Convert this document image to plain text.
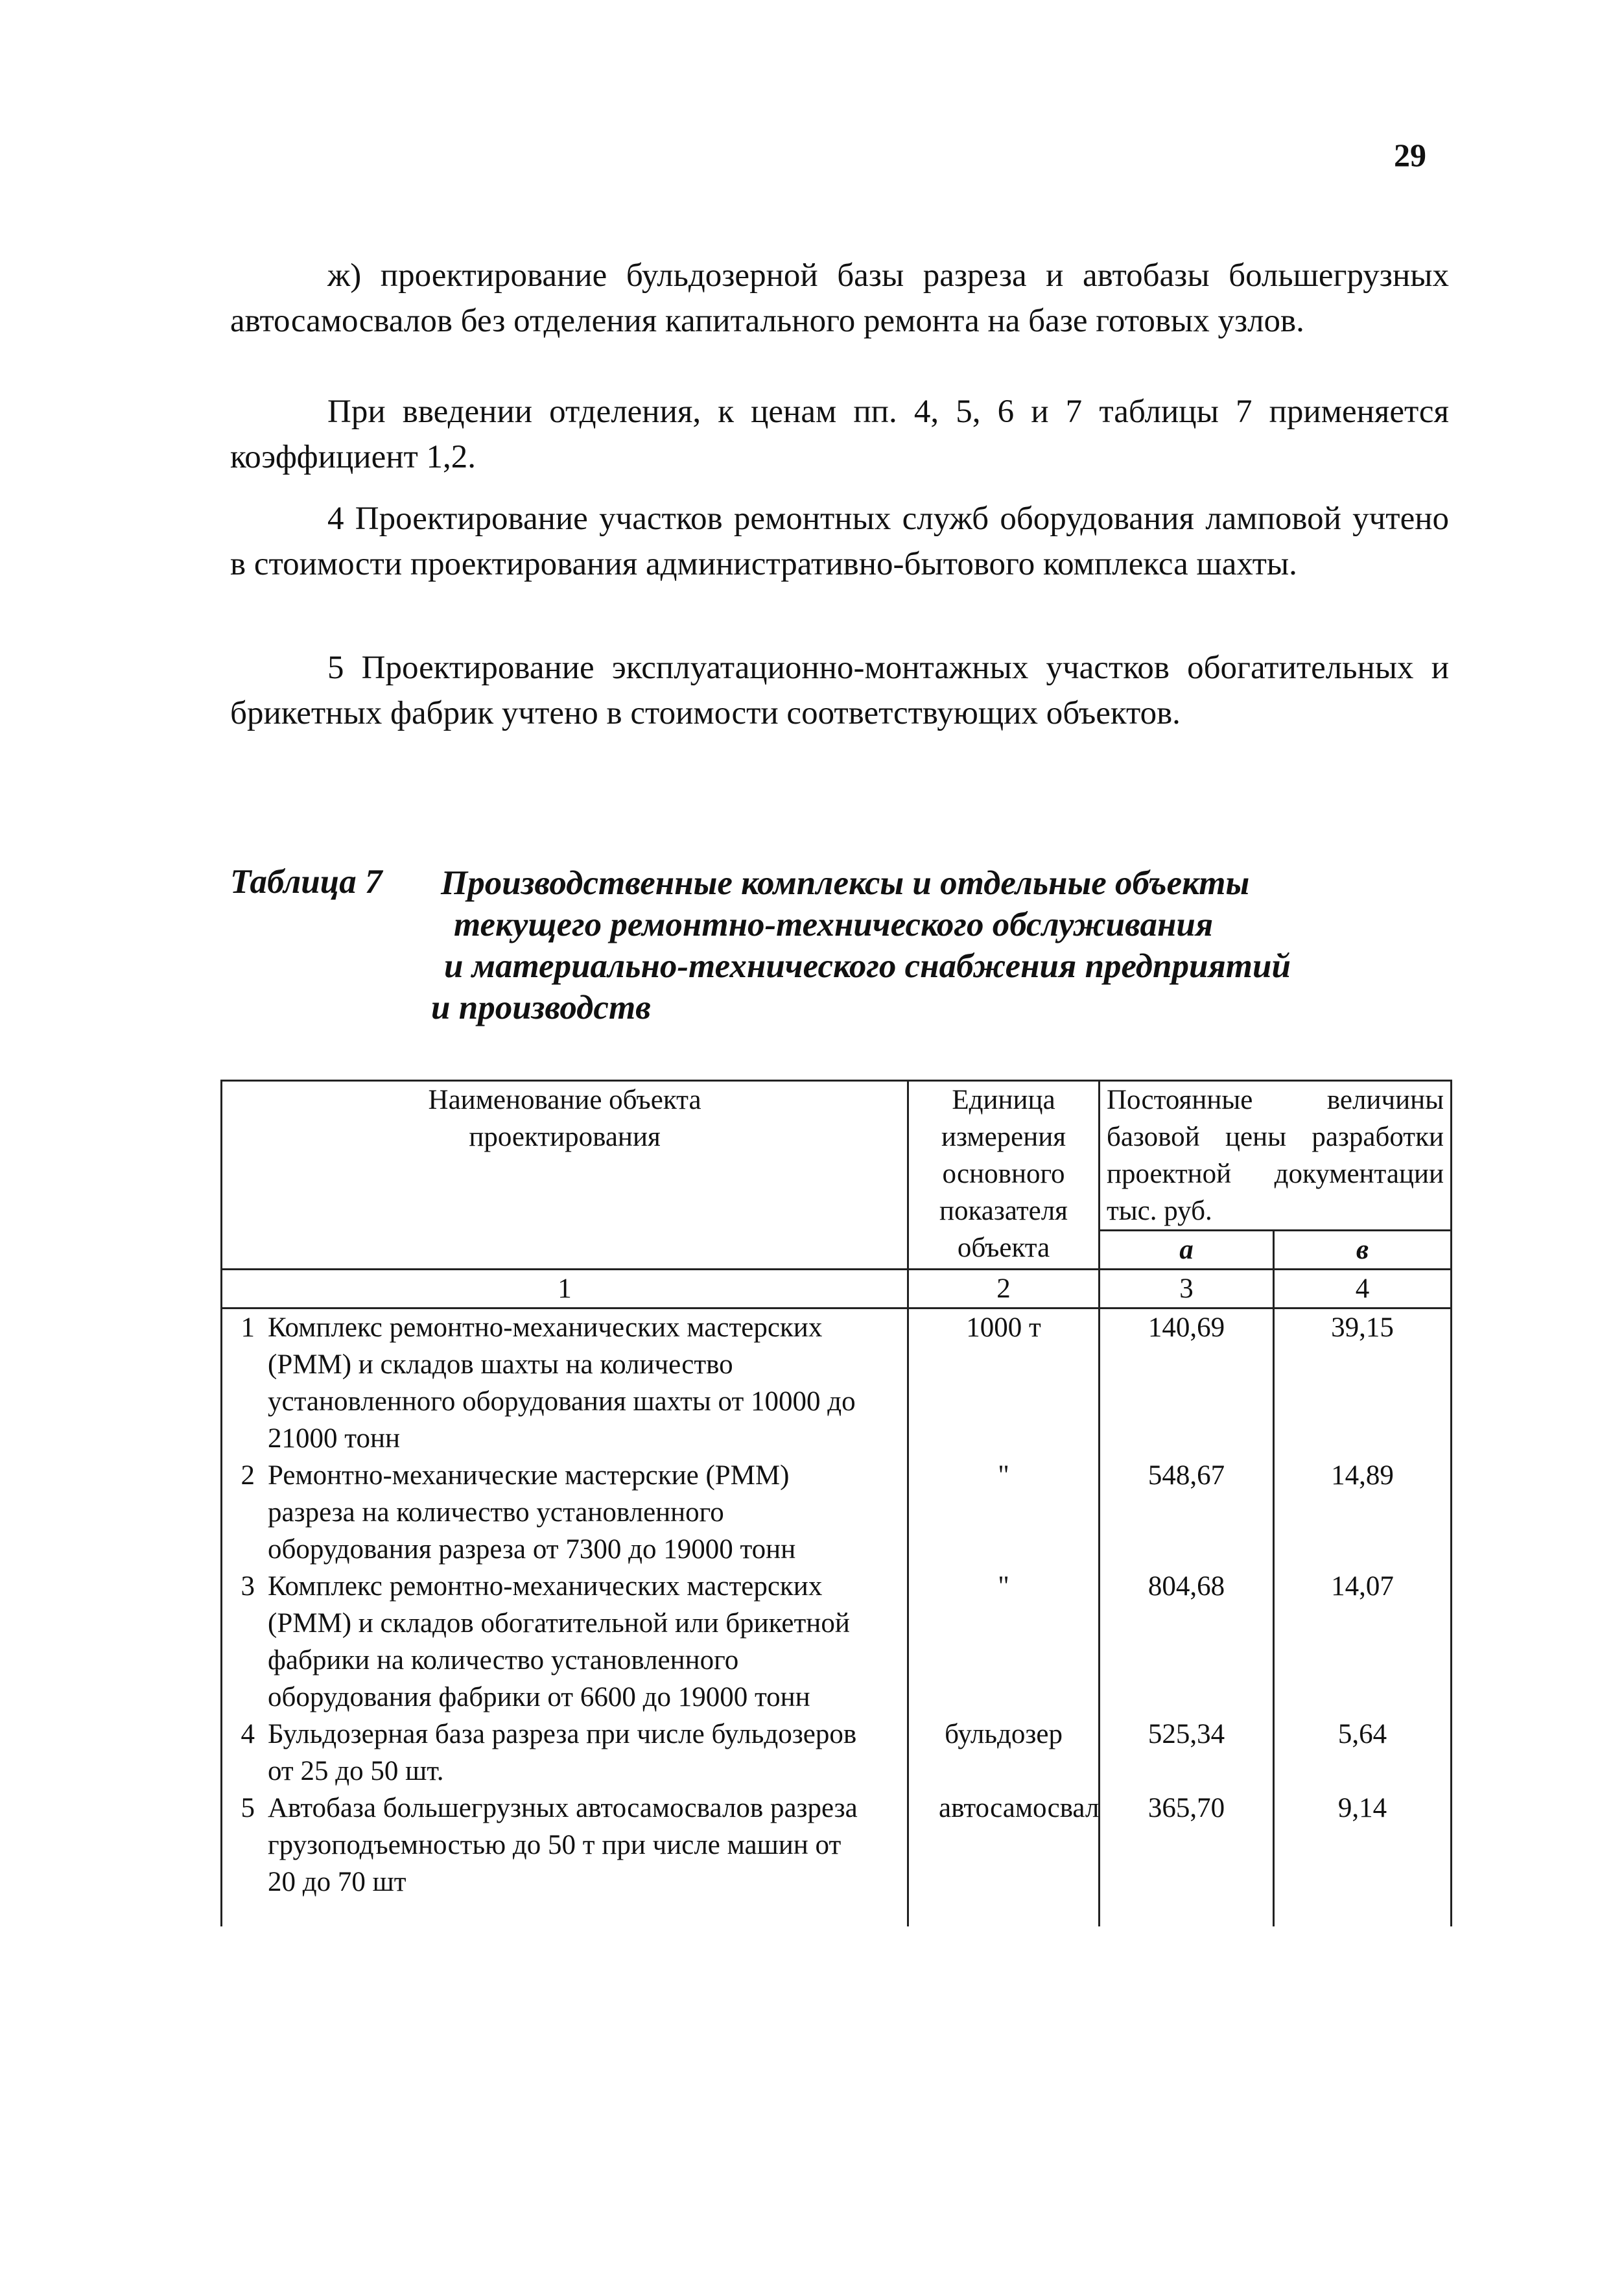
29

ж) проектирование бульдозерной базы разреза и автобазы большегрузных автосамосвалов без отделения капитального ремонта на базе готовых узлов.

При введении отделения, к ценам пп. 4, 5, 6 и 7 таблицы 7 применяется коэффициент 1,2.

4 Проектирование участков ремонтных служб оборудования ламповой учтено в стоимости проектирования административно-бытового комплекса шахты.

5 Проектирование эксплуатационно-монтажных участков обогатительных и брикетных фабрик учтено в стоимости соответствующих объектов.

Таблица 7 Производственные комплексы и отдельные объекты
текущего ремонтно-технического обслуживания
и материально-технического снабжения предприятий
и производств
Наименование объекта проектирования	Единица измерения основного показателя объекта	Постоянные величины базовой цены разработки проектной документации тыс. руб.	
		а	в
1	2	3	4
1 Комплекс ремонтно-механических мастерских (РММ) и складов шахты на количество установленного оборудования шахты от 10000 до 21000 тонн	1000 т	140,69	39,15
2 Ремонтно-механические мастерские (РММ) разреза на количество установленного оборудования разреза от 7300 до 19000 тонн	"	548,67	14,89
3 Комплекс ремонтно-механических мастерских (РММ) и складов обогатительной или брикетной фабрики на количество установленного оборудования фабрики от 6600 до 19000 тонн	"	804,68	14,07
4 Бульдозерная база разреза при числе бульдозеров от 25 до 50 шт.	бульдозер	525,34	5,64
5 Автобаза большегрузных автосамосвалов разреза грузоподъемностью до 50 т при числе машин от 20 до 70 шт	автосамосвал	365,70	9,14
